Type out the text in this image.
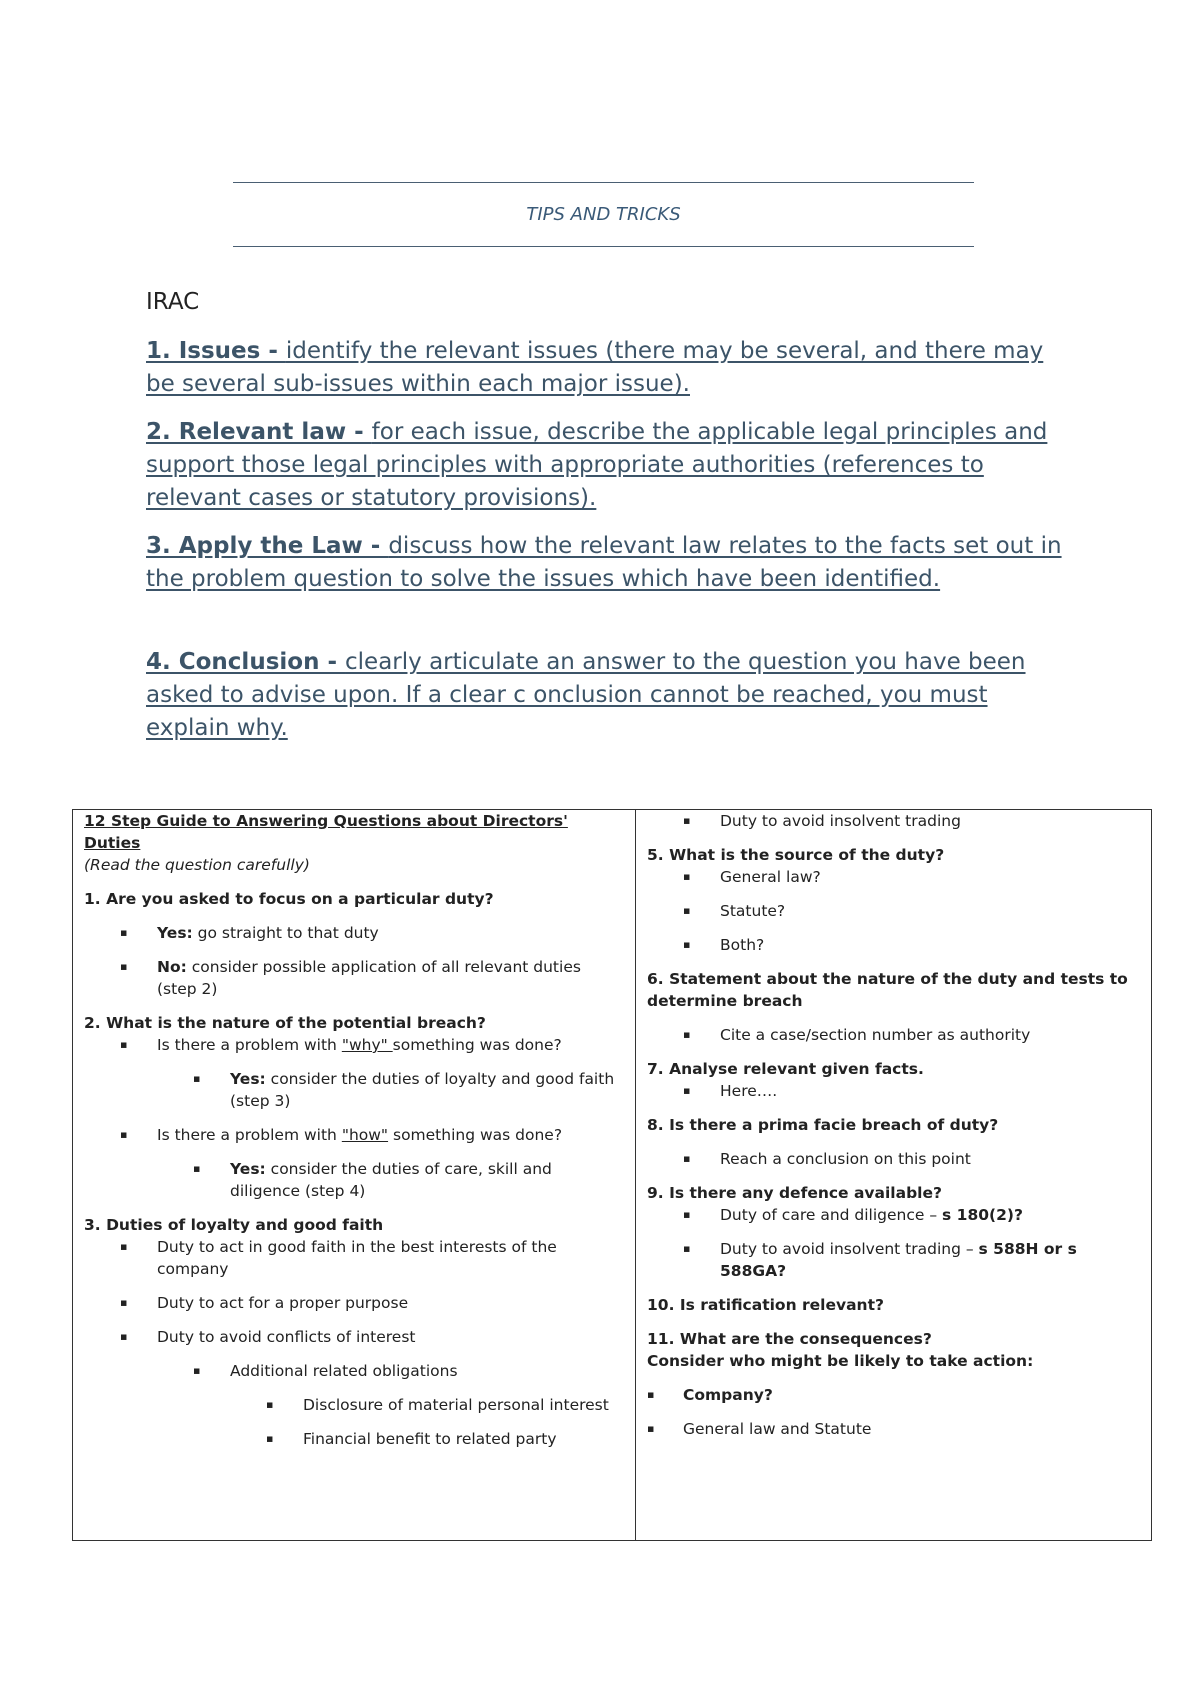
TIPS AND TRICKS
IRAC
1. Issues - identify the relevant issues (there may be several, and there may be several sub-issues within each major issue).
2. Relevant law - for each issue, describe the applicable legal principles and support those legal principles with appropriate authorities (references to relevant cases or statutory provisions).
3. Apply the Law - discuss how the relevant law relates to the facts set out in the problem question to solve the issues which have been identified.
4. Conclusion - clearly articulate an answer to the question you have been asked to advise upon. If a clear c onclusion cannot be reached, you must explain why.

12 Step Guide to Answering Questions about Directors' Duties

(Read the question carefully)

1. Are you asked to focus on a particular duty?

▪ Yes: go straight to that duty

▪ No: consider possible application of all relevant duties (step 2)

2. What is the nature of the potential breach?

▪ Is there a problem with "why" something was done?

▪ Yes: consider the duties of loyalty and good faith (step 3)

▪ Is there a problem with "how" something was done?

▪ Yes: consider the duties of care, skill and diligence (step 4)

3. Duties of loyalty and good faith

▪ Duty to act in good faith in the best interests of the company

▪ Duty to act for a proper purpose

▪ Duty to avoid conflicts of interest

▪ Additional related obligations

▪ Disclosure of material personal interest

▪ Financial benefit to related party

▪ Duty to avoid insolvent trading

5. What is the source of the duty?

▪ General law?

▪ Statute?

▪ Both?

6. Statement about the nature of the duty and tests to determine breach

▪ Cite a case/section number as authority

7. Analyse relevant given facts.

▪ Here….

8. Is there a prima facie breach of duty?

▪ Reach a conclusion on this point

9. Is there any defence available?

▪ Duty of care and diligence – s 180(2)?

▪ Duty to avoid insolvent trading – s 588H or s 588GA?

10. Is ratification relevant?

11. What are the consequences?

Consider who might be likely to take action:

▪ Company?

▪ General law and Statute
